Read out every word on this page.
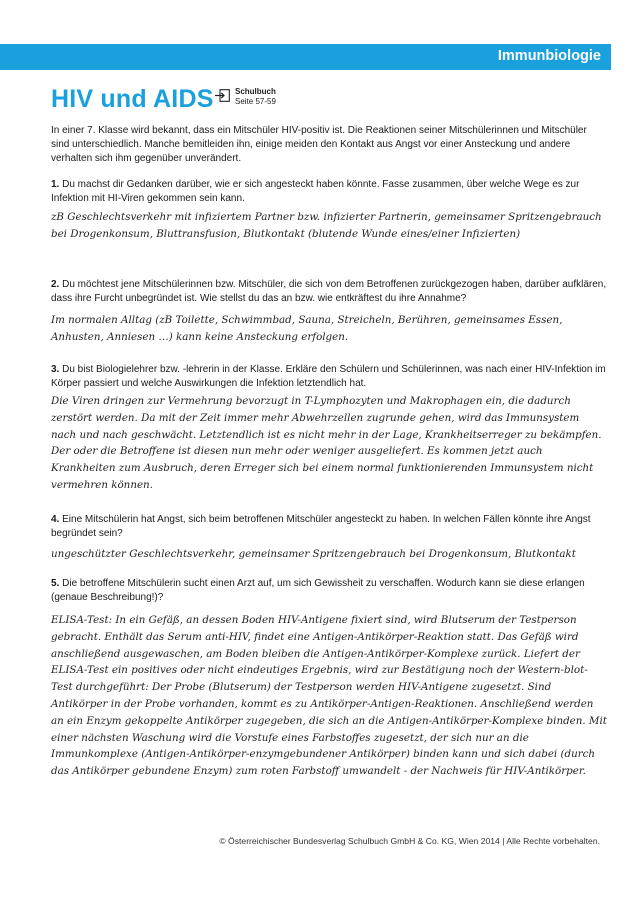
Immunbiologie
HIV und AIDS	Schulbuch
Seite 57-59

In einer 7. Klasse wird bekannt, dass ein Mitschüler HIV-positiv ist. Die Reaktionen seiner Mitschülerinnen und Mitschüler sind unterschiedlich. Manche bemitleiden ihn, einige meiden den Kontakt aus Angst vor einer Ansteckung und andere verhalten sich ihm gegenüber unverändert.

1. Du machst dir Gedanken darüber, wie er sich angesteckt haben könnte. Fasse zusammen, über welche Wege es zur Infektion mit HI-Viren gekommen sein kann.

zB Geschlechtsverkehr mit infiziertem Partner bzw. infizierter Partnerin, gemeinsamer Spritzengebrauch bei Drogenkonsum, Bluttransfusion, Blutkontakt (blutende Wunde eines/einer Infizierten)

2. Du möchtest jene Mitschülerinnen bzw. Mitschüler, die sich von dem Betroffenen zurückgezogen haben, darüber aufklären, dass ihre Furcht unbegründet ist. Wie stellst du das an bzw. wie entkräftest du ihre Annahme?

Im normalen Alltag (zB Toilette, Schwimmbad, Sauna, Streicheln, Berühren, gemeinsames Essen, Anhusten, Anniesen …) kann keine Ansteckung erfolgen.

3. Du bist Biologielehrer bzw. -lehrerin in der Klasse. Erkläre den Schülern und Schülerinnen, was nach einer HIV-Infektion im Körper passiert und welche Auswirkungen die Infektion letztendlich hat.

Die Viren dringen zur Vermehrung bevorzugt in T-Lymphozyten und Makrophagen ein, die dadurch zerstört werden. Da mit der Zeit immer mehr Abwehrzellen zugrunde gehen, wird das Immunsystem nach und nach geschwächt. Letztendlich ist es nicht mehr in der Lage, Krankheitserreger zu bekämpfen. Der oder die Betroffene ist diesen nun mehr oder weniger ausgeliefert. Es kommen jetzt auch Krankheiten zum Ausbruch, deren Erreger sich bei einem normal funktionierenden Immunsystem nicht vermehren können.

4. Eine Mitschülerin hat Angst, sich beim betroffenen Mitschüler angesteckt zu haben. In welchen Fällen könnte ihre Angst begründet sein?

ungeschützter Geschlechtsverkehr, gemeinsamer Spritzengebrauch bei Drogenkonsum, Blutkontakt

5. Die betroffene Mitschülerin sucht einen Arzt auf, um sich Gewissheit zu verschaffen. Wodurch kann sie diese erlangen (genaue Beschreibung!)?

ELISA-Test: In ein Gefäß, an dessen Boden HIV-Antigene fixiert sind, wird Blutserum der Testperson gebracht. Enthält das Serum anti-HIV, findet eine Antigen-Antikörper-Reaktion statt. Das Gefäß wird anschließend ausgewaschen, am Boden bleiben die Antigen-Antikörper-Komplexe zurück. Liefert der ELISA-Test ein positives oder nicht eindeutiges Ergebnis, wird zur Bestätigung noch der Western-blot-Test durchgeführt: Der Probe (Blutserum) der Testperson werden HIV-Antigene zugesetzt. Sind Antikörper in der Probe vorhanden, kommt es zu Antikörper-Antigen-Reaktionen. Anschließend werden an ein Enzym gekoppelte Antikörper zugegeben, die sich an die Antigen-Antikörper-Komplexe binden. Mit einer nächsten Waschung wird die Vorstufe eines Farbstoffes zugesetzt, der sich nur an die Immunkomplexe (Antigen-Antikörper-enzymgebundener Antikörper) binden kann und sich dabei (durch das Antikörper gebundene Enzym) zum roten Farbstoff umwandelt - der Nachweis für HIV-Antikörper.

© Österreichischer Bundesverlag Schulbuch GmbH & Co. KG, Wien 2014 | Alle Rechte vorbehalten.
